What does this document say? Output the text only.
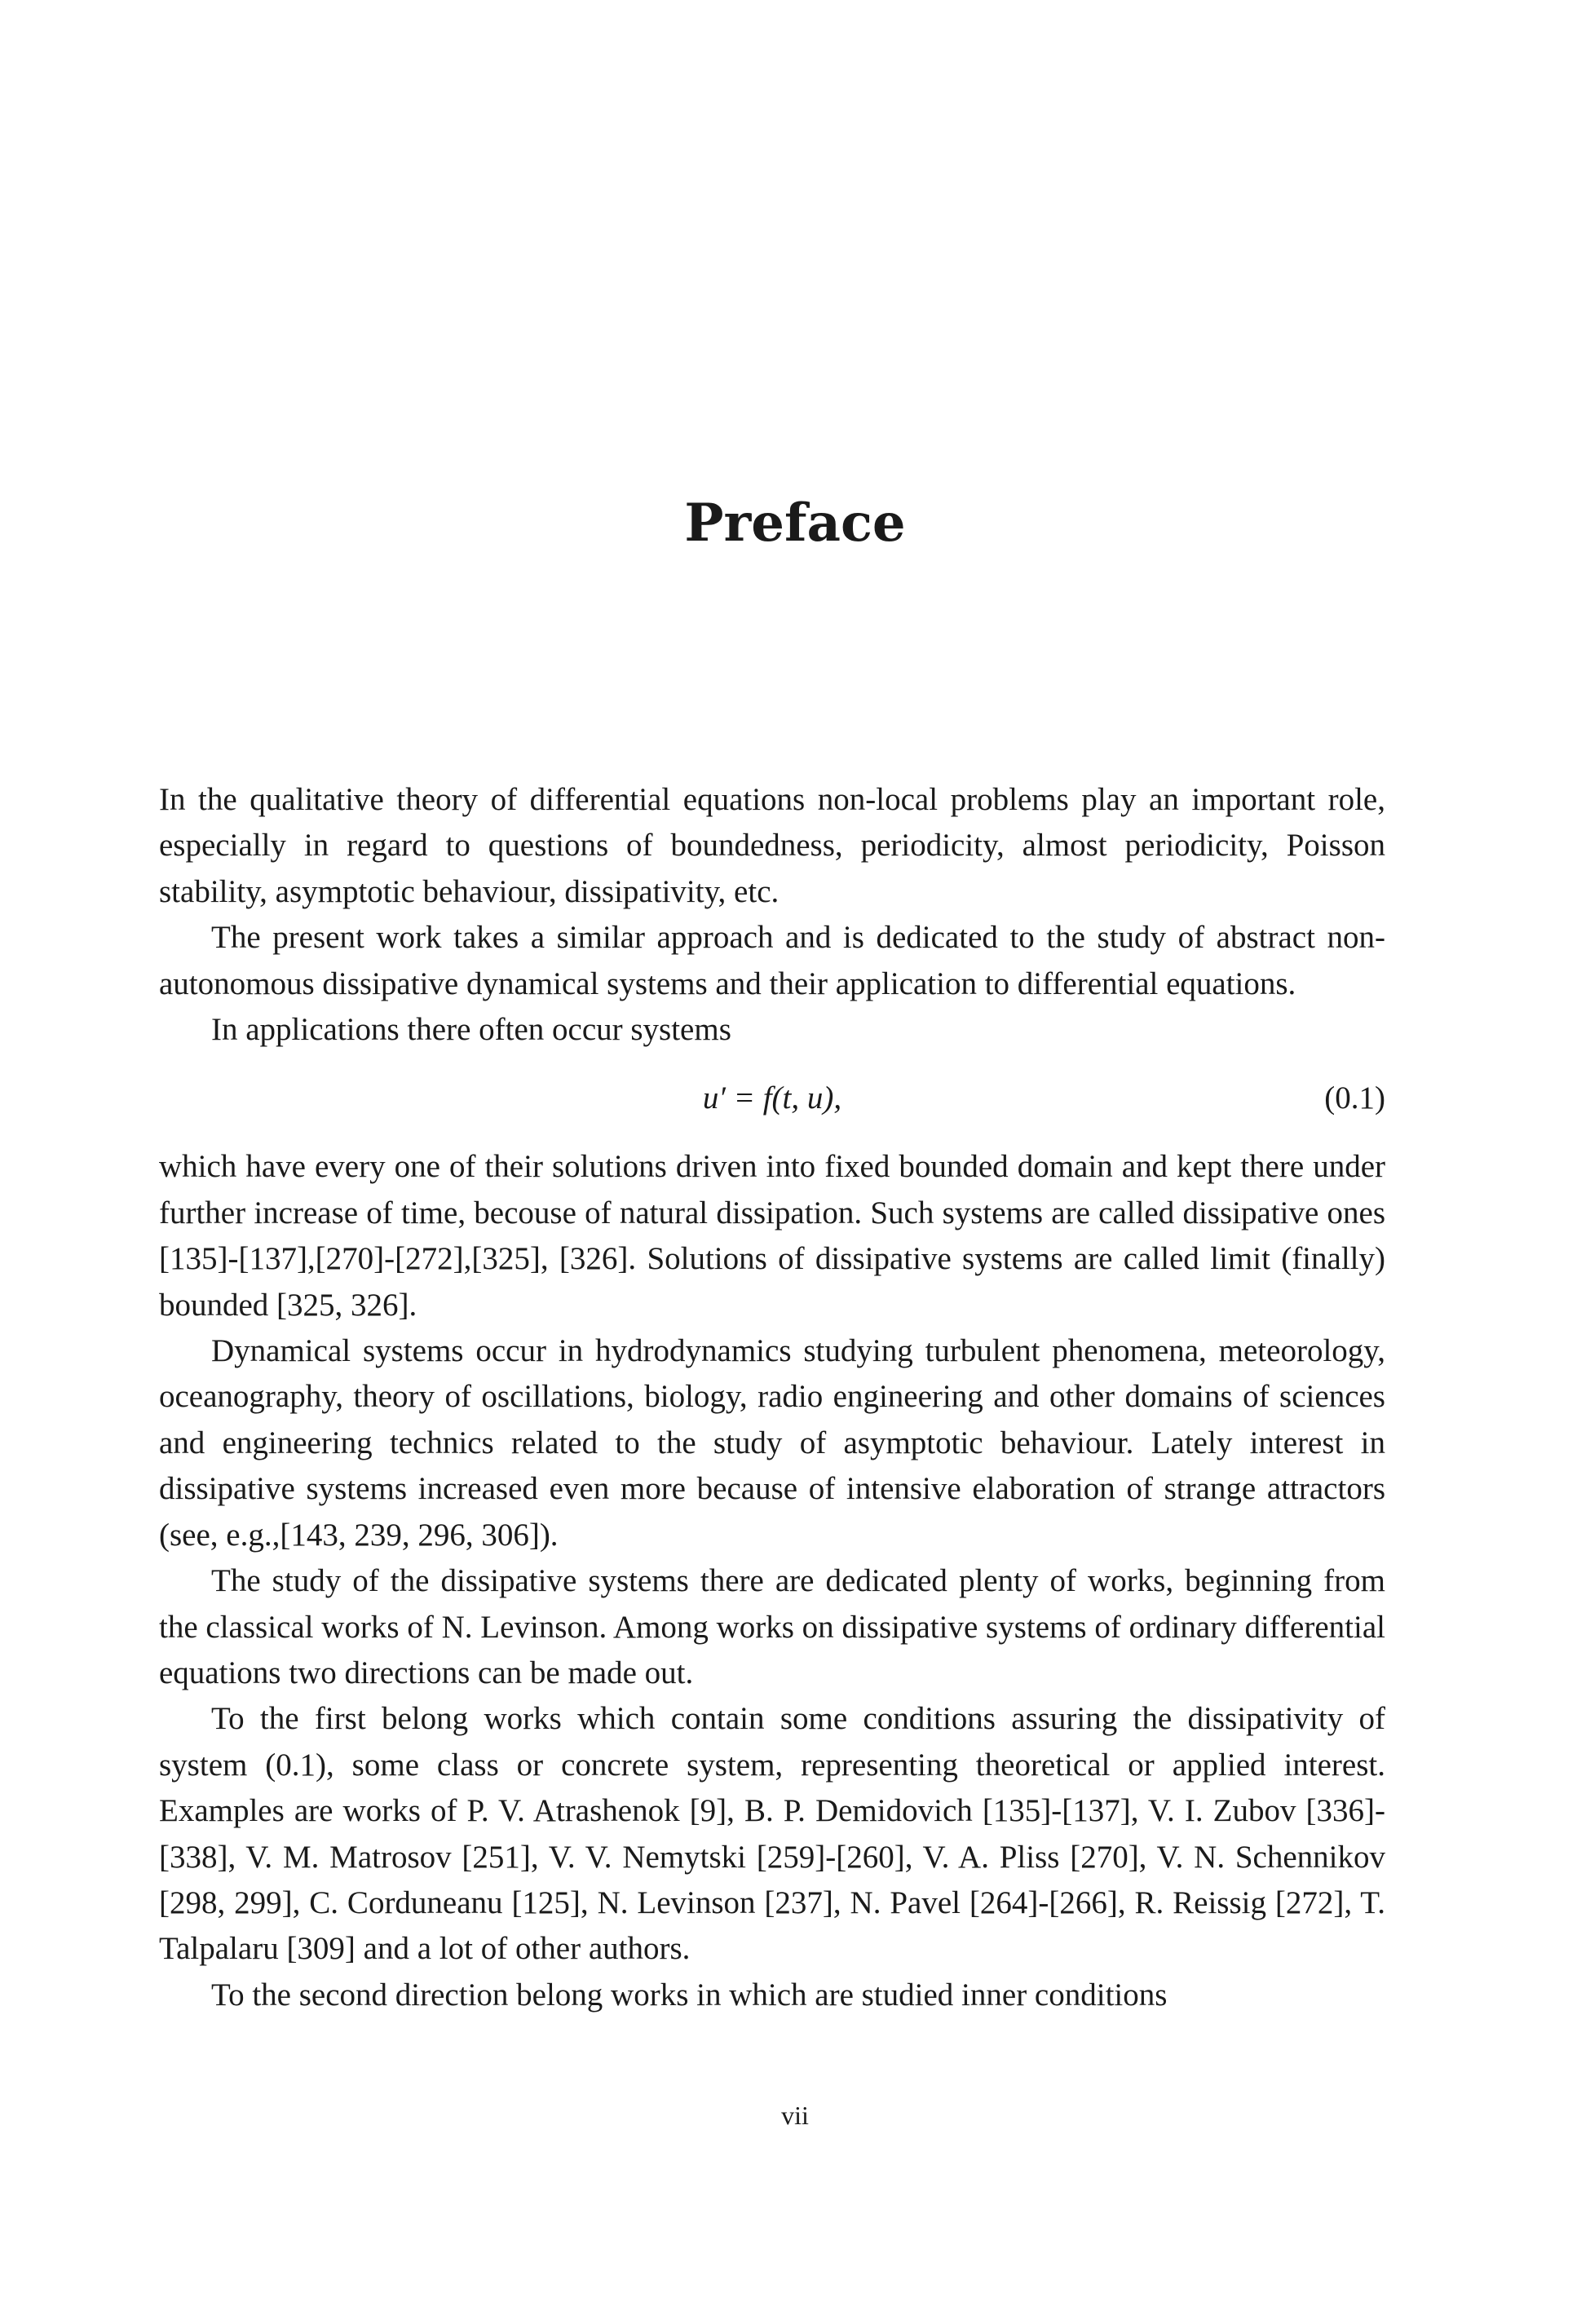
Preface

In the qualitative theory of differential equations non-local problems play an important role, especially in regard to questions of boundedness, periodicity, almost periodicity, Poisson stability, asymptotic behaviour, dissipativity, etc.

The present work takes a similar approach and is dedicated to the study of abstract non-autonomous dissipative dynamical systems and their application to differential equations.

In applications there often occur systems

u′ = f(t, u),	(0.1)

which have every one of their solutions driven into fixed bounded domain and kept there under further increase of time, becouse of natural dissipation. Such systems are called dissipative ones [135]-[137],[270]-[272],[325], [326]. Solutions of dissipative systems are called limit (finally) bounded [325, 326].

Dynamical systems occur in hydrodynamics studying turbulent phenomena, meteorology, oceanography, theory of oscillations, biology, radio engineering and other domains of sciences and engineering technics related to the study of asymptotic behaviour. Lately interest in dissipative systems increased even more because of intensive elaboration of strange attractors (see, e.g.,[143, 239, 296, 306]).

The study of the dissipative systems there are dedicated plenty of works, beginning from the classical works of N. Levinson. Among works on dissipative systems of ordinary differential equations two directions can be made out.

To the first belong works which contain some conditions assuring the dissipativity of system (0.1), some class or concrete system, representing theoretical or applied interest. Examples are works of P. V. Atrashenok [9], B. P. Demidovich [135]-[137], V. I. Zubov [336]-[338], V. M. Matrosov [251], V. V. Nemytski [259]-[260], V. A. Pliss [270], V. N. Schennikov [298, 299], C. Corduneanu [125], N. Levinson [237], N. Pavel [264]-[266], R. Reissig [272], T. Talpalaru [309] and a lot of other authors.

To the second direction belong works in which are studied inner conditions

vii
